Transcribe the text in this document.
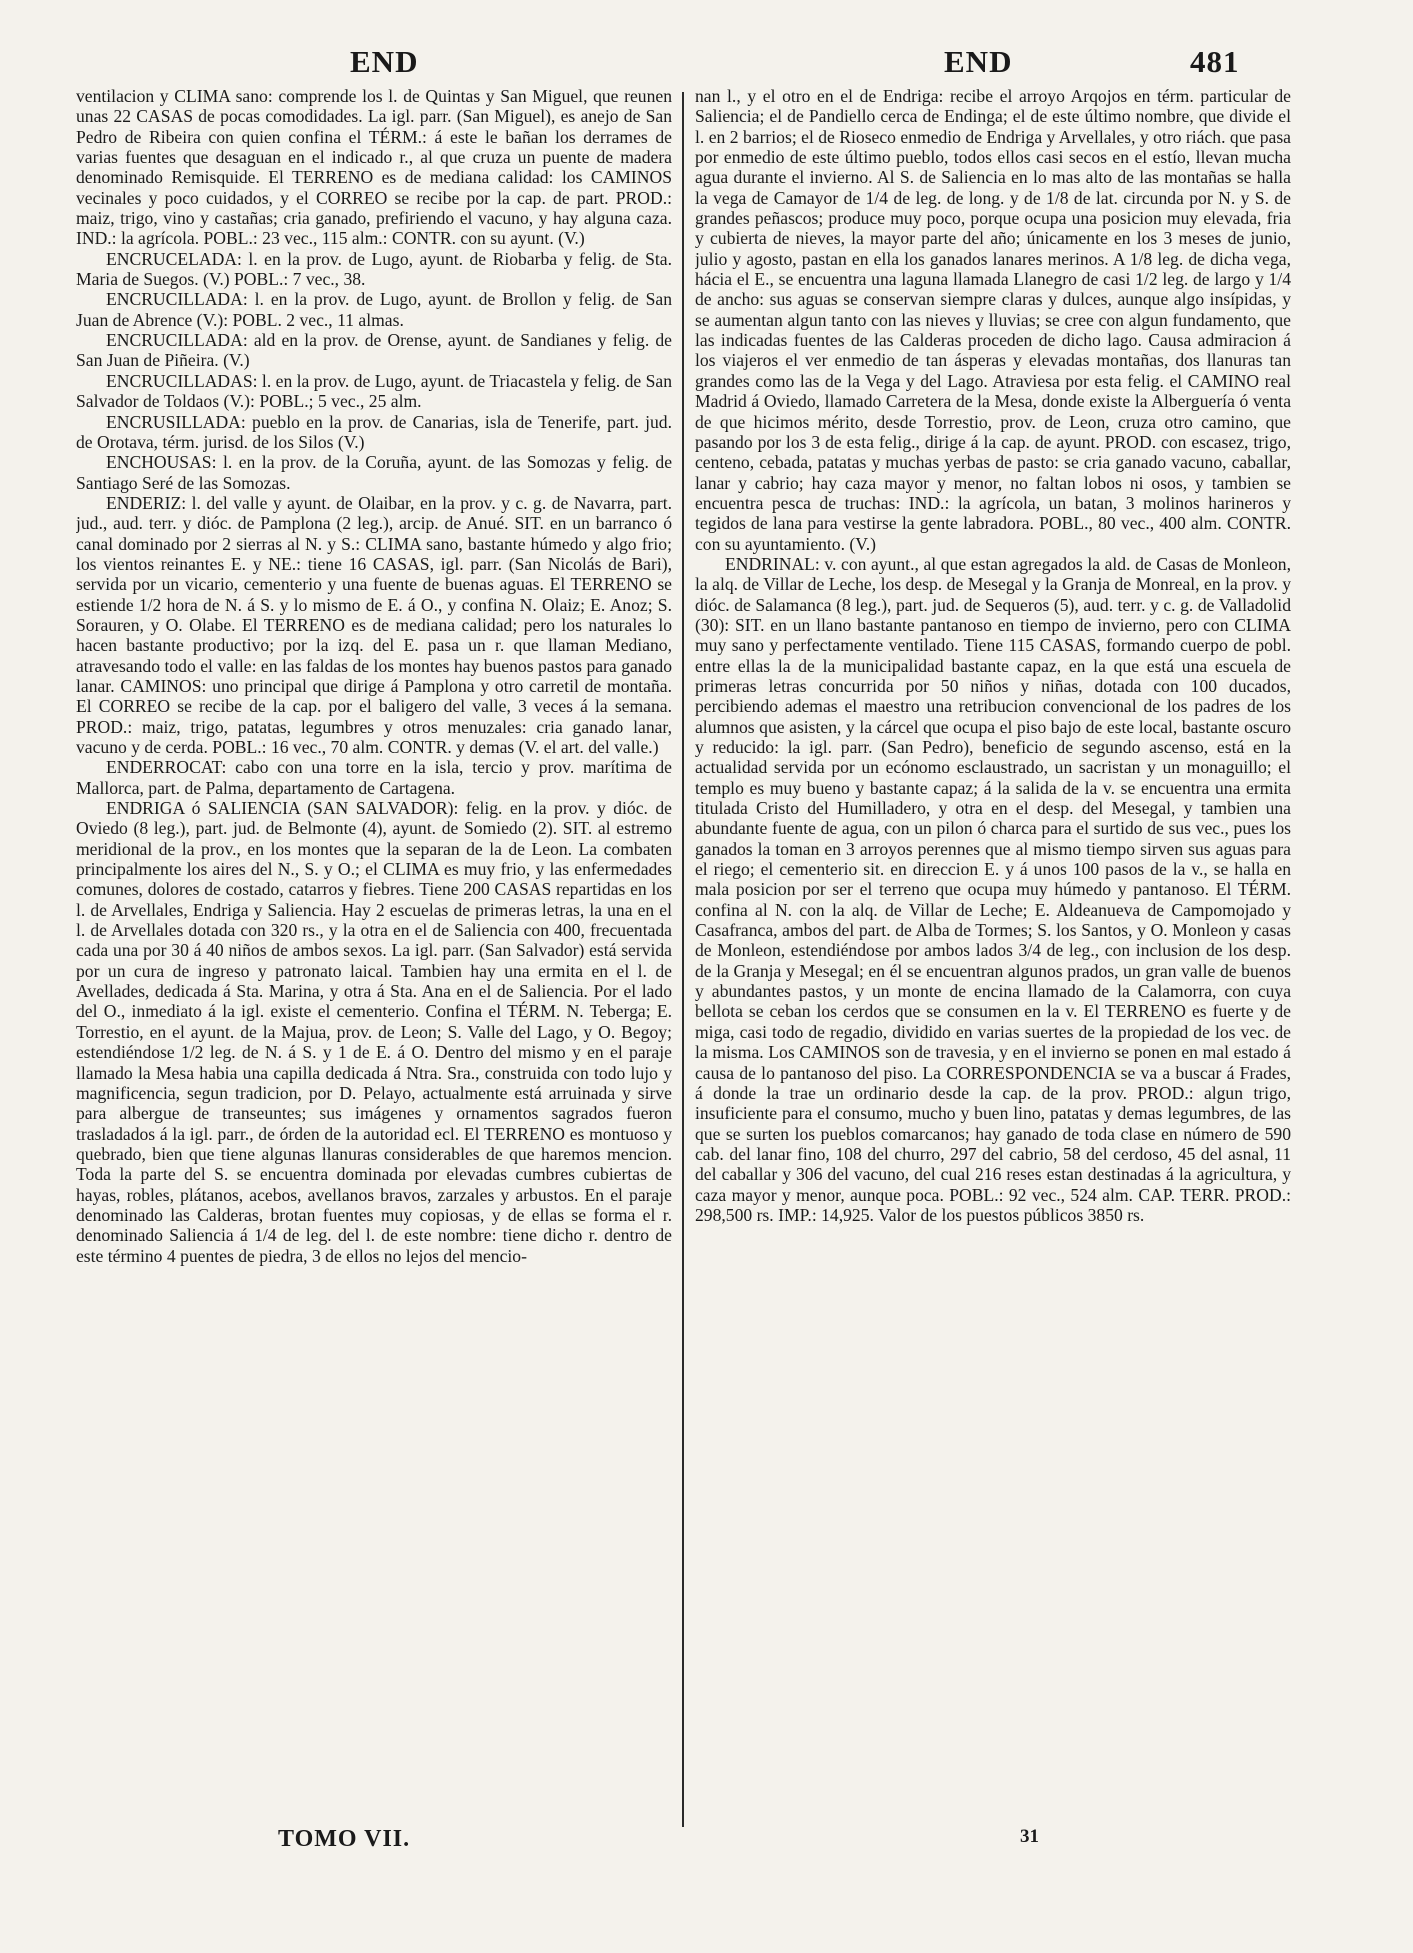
END	END	481

ventilacion y CLIMA sano: comprende los l. de Quintas y San Miguel, que reunen unas 22 CASAS de pocas comodidades. La igl. parr. (San Miguel), es anejo de San Pedro de Ribeira con quien confina el TÉRM.: á este le bañan los derrames de varias fuentes que desaguan en el indicado r., al que cruza un puente de madera denominado Remisquide. El TERRENO es de mediana calidad: los CAMINOS vecinales y poco cuidados, y el CORREO se recibe por la cap. de part. PROD.: maiz, trigo, vino y castañas; cria ganado, prefiriendo el vacuno, y hay alguna caza. IND.: la agrícola. POBL.: 23 vec., 115 alm.: CONTR. con su ayunt. (V.)

ENCRUCELADA: l. en la prov. de Lugo, ayunt. de Riobarba y felig. de Sta. Maria de Suegos. (V.) POBL.: 7 vec., 38.

ENCRUCILLADA: l. en la prov. de Lugo, ayunt. de Brollon y felig. de San Juan de Abrence (V.): POBL. 2 vec., 11 almas.

ENCRUCILLADA: ald en la prov. de Orense, ayunt. de Sandianes y felig. de San Juan de Piñeira. (V.)

ENCRUCILLADAS: l. en la prov. de Lugo, ayunt. de Triacastela y felig. de San Salvador de Toldaos (V.): POBL.; 5 vec., 25 alm.

ENCRUSILLADA: pueblo en la prov. de Canarias, isla de Tenerife, part. jud. de Orotava, térm. jurisd. de los Silos (V.)

ENCHOUSAS: l. en la prov. de la Coruña, ayunt. de las Somozas y felig. de Santiago Seré de las Somozas.

ENDERIZ: l. del valle y ayunt. de Olaibar, en la prov. y c. g. de Navarra, part. jud., aud. terr. y dióc. de Pamplona (2 leg.), arcip. de Anué. SIT. en un barranco ó canal dominado por 2 sierras al N. y S.: CLIMA sano, bastante húmedo y algo frio; los vientos reinantes E. y NE.: tiene 16 CASAS, igl. parr. (San Nicolás de Bari), servida por un vicario, cementerio y una fuente de buenas aguas. El TERRENO se estiende 1/2 hora de N. á S. y lo mismo de E. á O., y confina N. Olaiz; E. Anoz; S. Sorauren, y O. Olabe. El TERRENO es de mediana calidad; pero los naturales lo hacen bastante productivo; por la izq. del E. pasa un r. que llaman Mediano, atravesando todo el valle: en las faldas de los montes hay buenos pastos para ganado lanar. CAMINOS: uno principal que dirige á Pamplona y otro carretil de montaña. El CORREO se recibe de la cap. por el baligero del valle, 3 veces á la semana. PROD.: maiz, trigo, patatas, legumbres y otros menuzales: cria ganado lanar, vacuno y de cerda. POBL.: 16 vec., 70 alm. CONTR. y demas (V. el art. del valle.)

ENDERROCAT: cabo con una torre en la isla, tercio y prov. marítima de Mallorca, part. de Palma, departamento de Cartagena.

ENDRIGA ó SALIENCIA (SAN SALVADOR): felig. en la prov. y dióc. de Oviedo (8 leg.), part. jud. de Belmonte (4), ayunt. de Somiedo (2). SIT. al estremo meridional de la prov., en los montes que la separan de la de Leon. La combaten principalmente los aires del N., S. y O.; el CLIMA es muy frio, y las enfermedades comunes, dolores de costado, catarros y fiebres. Tiene 200 CASAS repartidas en los l. de Arvellales, Endriga y Saliencia. Hay 2 escuelas de primeras letras, la una en el l. de Arvellales dotada con 320 rs., y la otra en el de Saliencia con 400, frecuentada cada una por 30 á 40 niños de ambos sexos. La igl. parr. (San Salvador) está servida por un cura de ingreso y patronato laical. Tambien hay una ermita en el l. de Avellades, dedicada á Sta. Marina, y otra á Sta. Ana en el de Saliencia. Por el lado del O., inmediato á la igl. existe el cementerio. Confina el TÉRM. N. Teberga; E. Torrestio, en el ayunt. de la Majua, prov. de Leon; S. Valle del Lago, y O. Begoy; estendiéndose 1/2 leg. de N. á S. y 1 de E. á O. Dentro del mismo y en el paraje llamado la Mesa habia una capilla dedicada á Ntra. Sra., construida con todo lujo y magnificencia, segun tradicion, por D. Pelayo, actualmente está arruinada y sirve para albergue de transeuntes; sus imágenes y ornamentos sagrados fueron trasladados á la igl. parr., de órden de la autoridad ecl. El TERRENO es montuoso y quebrado, bien que tiene algunas llanuras considerables de que haremos mencion. Toda la parte del S. se encuentra dominada por elevadas cumbres cubiertas de hayas, robles, plátanos, acebos, avellanos bravos, zarzales y arbustos. En el paraje denominado las Calderas, brotan fuentes muy copiosas, y de ellas se forma el r. denominado Saliencia á 1/4 de leg. del l. de este nombre: tiene dicho r. dentro de este término 4 puentes de piedra, 3 de ellos no lejos del mencio-

nan l., y el otro en el de Endriga: recibe el arroyo Arqojos en térm. particular de Saliencia; el de Pandiello cerca de Endinga; el de este último nombre, que divide el l. en 2 barrios; el de Rioseco enmedio de Endriga y Arvellales, y otro riách. que pasa por enmedio de este último pueblo, todos ellos casi secos en el estío, llevan mucha agua durante el invierno. Al S. de Saliencia en lo mas alto de las montañas se halla la vega de Camayor de 1/4 de leg. de long. y de 1/8 de lat. circunda por N. y S. de grandes peñascos; produce muy poco, porque ocupa una posicion muy elevada, fria y cubierta de nieves, la mayor parte del año; únicamente en los 3 meses de junio, julio y agosto, pastan en ella los ganados lanares merinos. A 1/8 leg. de dicha vega, hácia el E., se encuentra una laguna llamada Llanegro de casi 1/2 leg. de largo y 1/4 de ancho: sus aguas se conservan siempre claras y dulces, aunque algo insípidas, y se aumentan algun tanto con las nieves y lluvias; se cree con algun fundamento, que las indicadas fuentes de las Calderas proceden de dicho lago. Causa admiracion á los viajeros el ver enmedio de tan ásperas y elevadas montañas, dos llanuras tan grandes como las de la Vega y del Lago. Atraviesa por esta felig. el CAMINO real Madrid á Oviedo, llamado Carretera de la Mesa, donde existe la Alberguería ó venta de que hicimos mérito, desde Torrestio, prov. de Leon, cruza otro camino, que pasando por los 3 de esta felig., dirige á la cap. de ayunt. PROD. con escasez, trigo, centeno, cebada, patatas y muchas yerbas de pasto: se cria ganado vacuno, caballar, lanar y cabrio; hay caza mayor y menor, no faltan lobos ni osos, y tambien se encuentra pesca de truchas: IND.: la agrícola, un batan, 3 molinos harineros y tegidos de lana para vestirse la gente labradora. POBL., 80 vec., 400 alm. CONTR. con su ayuntamiento. (V.)

ENDRINAL: v. con ayunt., al que estan agregados la ald. de Casas de Monleon, la alq. de Villar de Leche, los desp. de Mesegal y la Granja de Monreal, en la prov. y dióc. de Salamanca (8 leg.), part. jud. de Sequeros (5), aud. terr. y c. g. de Valladolid (30): SIT. en un llano bastante pantanoso en tiempo de invierno, pero con CLIMA muy sano y perfectamente ventilado. Tiene 115 CASAS, formando cuerpo de pobl. entre ellas la de la municipalidad bastante capaz, en la que está una escuela de primeras letras concurrida por 50 niños y niñas, dotada con 100 ducados, percibiendo ademas el maestro una retribucion convencional de los padres de los alumnos que asisten, y la cárcel que ocupa el piso bajo de este local, bastante oscuro y reducido: la igl. parr. (San Pedro), beneficio de segundo ascenso, está en la actualidad servida por un ecónomo esclaustrado, un sacristan y un monaguillo; el templo es muy bueno y bastante capaz; á la salida de la v. se encuentra una ermita titulada Cristo del Humilladero, y otra en el desp. del Mesegal, y tambien una abundante fuente de agua, con un pilon ó charca para el surtido de sus vec., pues los ganados la toman en 3 arroyos perennes que al mismo tiempo sirven sus aguas para el riego; el cementerio sit. en direccion E. y á unos 100 pasos de la v., se halla en mala posicion por ser el terreno que ocupa muy húmedo y pantanoso. El TÉRM. confina al N. con la alq. de Villar de Leche; E. Aldeanueva de Campomojado y Casafranca, ambos del part. de Alba de Tormes; S. los Santos, y O. Monleon y casas de Monleon, estendiéndose por ambos lados 3/4 de leg., con inclusion de los desp. de la Granja y Mesegal; en él se encuentran algunos prados, un gran valle de buenos y abundantes pastos, y un monte de encina llamado de la Calamorra, con cuya bellota se ceban los cerdos que se consumen en la v. El TERRENO es fuerte y de miga, casi todo de regadio, dividido en varias suertes de la propiedad de los vec. de la misma. Los CAMINOS son de travesia, y en el invierno se ponen en mal estado á causa de lo pantanoso del piso. La CORRESPONDENCIA se va a buscar á Frades, á donde la trae un ordinario desde la cap. de la prov. PROD.: algun trigo, insuficiente para el consumo, mucho y buen lino, patatas y demas legumbres, de las que se surten los pueblos comarcanos; hay ganado de toda clase en número de 590 cab. del lanar fino, 108 del churro, 297 del cabrio, 58 del cerdoso, 45 del asnal, 11 del caballar y 306 del vacuno, del cual 216 reses estan destinadas á la agricultura, y caza mayor y menor, aunque poca. POBL.: 92 vec., 524 alm. CAP. TERR. PROD.: 298,500 rs. IMP.: 14,925. Valor de los puestos públicos 3850 rs.

TOMO VII.	31
